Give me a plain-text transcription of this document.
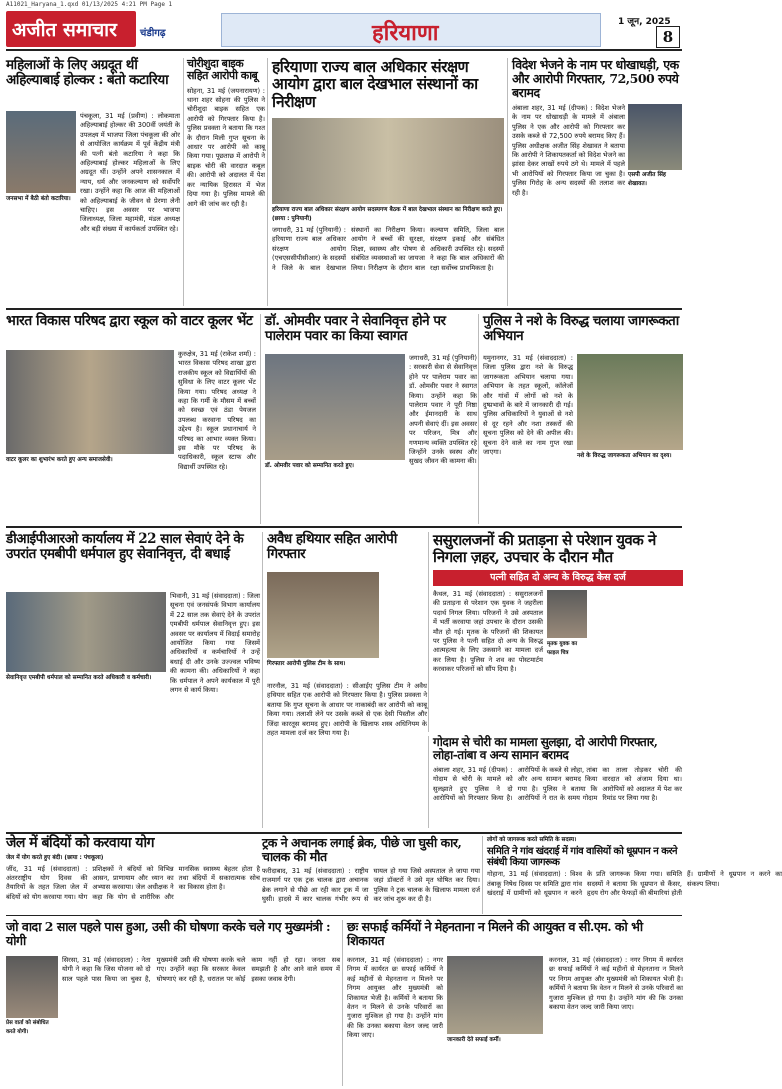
A11021_Haryana_1.qxd 01/13/2025 4:21 PM Page 1
अजीत समाचार चंडीगढ़	हरियाणा	1 जून, 2025
8
महिलाओं के लिए अग्रदूत थीं अहिल्याबाई होल्कर : बंतो कटारिया
जनसभा में बैठी बंतो कटारिया।
पंचकूला, 31 मई (प्रवीण) : लोकमाता अहिल्याबाई होल्कर की 300वीं जयंती के उपलक्ष्य में भाजपा जिला पंचकूला की ओर से आयोजित कार्यक्रम में पूर्व केंद्रीय मंत्री की पत्नी बंतो कटारिया ने कहा कि अहिल्याबाई होल्कर महिलाओं के लिए अग्रदूत थीं। उन्होंने अपने शासनकाल में न्याय, धर्म और जनकल्याण को सर्वोपरि रखा। उन्होंने कहा कि आज की महिलाओं को अहिल्याबाई के जीवन से प्रेरणा लेनी चाहिए। इस अवसर पर भाजपा जिलाध्यक्ष, जिला महामंत्री, मंडल अध्यक्ष और बड़ी संख्या में कार्यकर्ता उपस्थित रहे।
चोरीशुदा बाइक सहित आरोपी काबू
सोहना, 31 मई (जयनारायण) : थाना शहर सोहना की पुलिस ने चोरीशुदा बाइक सहित एक आरोपी को गिरफ्तार किया है। पुलिस प्रवक्ता ने बताया कि गश्त के दौरान मिली गुप्त सूचना के आधार पर आरोपी को काबू किया गया। पूछताछ में आरोपी ने बाइक चोरी की वारदात कबूल की। आरोपी को अदालत में पेश कर न्यायिक हिरासत में भेज दिया गया है। पुलिस मामले की आगे की जांच कर रही है।
हरियाणा राज्य बाल अधिकार संरक्षण आयोग द्वारा बाल देखभाल संस्थानों का निरीक्षण
हरियाणा राज्य बाल अधिकार संरक्षण आयोग सदस्यगण बैठक में बाल देखभाल संस्थान का निरीक्षण करते हुए। (छाया : पुनियानी)
जगाधरी, 31 मई (पुनियानी) : हरियाणा राज्य बाल अधिकार संरक्षण आयोग (एचएससीपीसीआर) के सदस्यों ने जिले के बाल देखभाल संस्थानों का निरीक्षण किया। आयोग ने बच्चों की सुरक्षा, शिक्षा, स्वास्थ्य और पोषण से संबंधित व्यवस्थाओं का जायजा लिया। निरीक्षण के दौरान बाल कल्याण समिति, जिला बाल संरक्षण इकाई और संबंधित अधिकारी उपस्थित रहे। सदस्यों ने कहा कि बाल अधिकारों की रक्षा सर्वोच्च प्राथमिकता है।
विदेश भेजने के नाम पर धोखाधड़ी, एक और आरोपी गिरफ्तार, 72,500 रुपये बरामद
एसपी अजीत सिंह शेखावत।
अंबाला शहर, 31 मई (दीपक) : विदेश भेजने के नाम पर धोखाधड़ी के मामले में अंबाला पुलिस ने एक और आरोपी को गिरफ्तार कर उसके कब्जे से 72,500 रुपये बरामद किए हैं। पुलिस अधीक्षक अजीत सिंह शेखावत ने बताया कि आरोपी ने शिकायतकर्ता को विदेश भेजने का झांसा देकर लाखों रुपये ठगे थे। मामले में पहले भी आरोपियों को गिरफ्तार किया जा चुका है। पुलिस गिरोह के अन्य सदस्यों की तलाश कर रही है।
भारत विकास परिषद द्वारा स्कूल को वाटर कूलर भेंट
वाटर कूलर का शुभारंभ करते हुए अन्य समाजसेवी।
कुरुक्षेत्र, 31 मई (राकेश शर्मा) : भारत विकास परिषद शाखा द्वारा राजकीय स्कूल को विद्यार्थियों की सुविधा के लिए वाटर कूलर भेंट किया गया। परिषद अध्यक्ष ने कहा कि गर्मी के मौसम में बच्चों को स्वच्छ एवं ठंडा पेयजल उपलब्ध करवाना परिषद का उद्देश्य है। स्कूल प्रधानाचार्य ने परिषद का आभार व्यक्त किया। इस मौके पर परिषद के पदाधिकारी, स्कूल स्टाफ और विद्यार्थी उपस्थित रहे।
डॉ. ओमवीर पवार ने सेवानिवृत्त होने पर पालेराम पवार का किया स्वागत
डॉ. ओमवीर पवार को सम्मानित करते हुए।
जगाधरी, 31 मई (पुनियानी) : सरकारी सेवा से सेवानिवृत्त होने पर पालेराम पवार का डॉ. ओमवीर पवार ने स्वागत किया। उन्होंने कहा कि पालेराम पवार ने पूरी निष्ठा और ईमानदारी के साथ अपनी सेवाएं दीं। इस अवसर पर परिजन, मित्र और गणमान्य व्यक्ति उपस्थित रहे जिन्होंने उनके स्वस्थ और सुखद जीवन की कामना की।
पुलिस ने नशे के विरुद्ध चलाया जागरूकता अभियान
यमुनानगर, 31 मई (संवाददाता) : जिला पुलिस द्वारा नशे के विरुद्ध जागरूकता अभियान चलाया गया। अभियान के तहत स्कूलों, कॉलेजों और गांवों में लोगों को नशे के दुष्प्रभावों के बारे में जानकारी दी गई। पुलिस अधिकारियों ने युवाओं से नशे से दूर रहने और नशा तस्करों की सूचना पुलिस को देने की अपील की। सूचना देने वाले का नाम गुप्त रखा जाएगा।	नशे के विरुद्ध जागरूकता अभियान का दृश्य।
डीआईपीआरओ कार्यालय में 22 साल सेवाएं देने के उपरांत एमबीपी धर्मपाल हुए सेवानिवृत्त, दी बधाई
सेवानिवृत्त एमबीपी धर्मपाल को सम्मानित करते अधिकारी व कर्मचारी।
भिवानी, 31 मई (संवाददाता) : जिला सूचना एवं जनसंपर्क विभाग कार्यालय में 22 साल तक सेवाएं देने के उपरांत एमबीपी धर्मपाल सेवानिवृत्त हुए। इस अवसर पर कार्यालय में विदाई समारोह आयोजित किया गया जिसमें अधिकारियों व कर्मचारियों ने उन्हें बधाई दी और उनके उज्ज्वल भविष्य की कामना की। अधिकारियों ने कहा कि धर्मपाल ने अपने कार्यकाल में पूरी लगन से कार्य किया।
अवैध हथियार सहित आरोपी गिरफ्तार
गिरफ्तार आरोपी पुलिस टीम के साथ।
नारनौल, 31 मई (संवाददाता) : सीआईए पुलिस टीम ने अवैध हथियार सहित एक आरोपी को गिरफ्तार किया है। पुलिस प्रवक्ता ने बताया कि गुप्त सूचना के आधार पर नाकाबंदी कर आरोपी को काबू किया गया। तलाशी लेने पर उसके कब्जे से एक देसी पिस्तौल और जिंदा कारतूस बरामद हुए। आरोपी के खिलाफ शस्त्र अधिनियम के तहत मामला दर्ज कर लिया गया है।
ससुरालजनों की प्रताड़ना से परेशान युवक ने निगला ज़हर, उपचार के दौरान मौत
पत्नी सहित दो अन्य के विरुद्ध केस दर्ज
कैथल, 31 मई (संवाददाता) : ससुरालजनों की प्रताड़ना से परेशान एक युवक ने जहरीला पदार्थ निगल लिया। परिजनों ने उसे अस्पताल में भर्ती करवाया जहां उपचार के दौरान उसकी मौत हो गई। मृतक के परिजनों की शिकायत पर पुलिस ने पत्नी सहित दो अन्य के विरुद्ध आत्महत्या के लिए उकसाने का मामला दर्ज कर लिया है। पुलिस ने शव का पोस्टमार्टम करवाकर परिजनों को सौंप दिया है।
मृतक युवक का फाइल चित्र
गोदाम से चोरी का मामला सुलझा, दो आरोपी गिरफ्तार, लोहा-तांबा व अन्य सामान बरामद
अंबाला शहर, 31 मई (दीपक) : गोदाम से चोरी के मामले को सुलझाते हुए पुलिस ने दो आरोपियों को गिरफ्तार किया है। आरोपियों के कब्जे से लोहा, तांबा और अन्य सामान बरामद किया गया है। पुलिस ने बताया कि आरोपियों ने रात के समय गोदाम का ताला तोड़कर चोरी की वारदात को अंजाम दिया था। आरोपियों को अदालत में पेश कर रिमांड पर लिया गया है।
ट्रक ने अचानक लगाई ब्रेक, पीछे जा घुसी कार, चालक की मौत
फरीदाबाद, 31 मई (संवाददाता) : राष्ट्रीय राजमार्ग पर एक ट्रक चालक द्वारा अचानक ब्रेक लगाने से पीछे आ रही कार ट्रक में जा घुसी। हादसे में कार चालक गंभीर रूप से घायल हो गया जिसे अस्पताल ले जाया गया जहां डॉक्टरों ने उसे मृत घोषित कर दिया। पुलिस ने ट्रक चालक के खिलाफ मामला दर्ज कर जांच शुरू कर दी है।
जेल में बंदियों को करवाया योग
जेल में योग करते हुए बंदी। (छाया : पंचकूला)
जींद, 31 मई (संवाददाता) : अंतरराष्ट्रीय योग दिवस की तैयारियों के तहत जिला जेल में बंदियों को योग करवाया गया। योग प्रशिक्षकों ने बंदियों को विभिन्न आसन, प्राणायाम और ध्यान का अभ्यास करवाया। जेल अधीक्षक ने कहा कि योग से शारीरिक और मानसिक स्वास्थ्य बेहतर होता है तथा बंदियों में सकारात्मक सोच का विकास होता है।
लोगों को जागरूक करते समिति के सदस्य।
समिति ने गांव खंदराई में गांव वासियों को धूम्रपान न करने संबंधी किया जागरूक
गोहाना, 31 मई (संवाददाता) : विश्व तंबाकू निषेध दिवस पर समिति द्वारा गांव खंदराई में ग्रामीणों को धूम्रपान न करने के प्रति जागरूक किया गया। समिति सदस्यों ने बताया कि धूम्रपान से कैंसर, हृदय रोग और फेफड़ों की बीमारियां होती हैं। ग्रामीणों ने धूम्रपान न करने का संकल्प लिया।
जो वादा 2 साल पहले पास हुआ, उसी की घोषणा करके चले गए मुख्यमंत्री : योगी
प्रेस वार्ता को संबोधित करते योगी।
सिरसा, 31 मई (संवाददाता) : नेता योगी ने कहा कि जिस योजना को दो साल पहले पास किया जा चुका है, मुख्यमंत्री उसी की घोषणा करके चले गए। उन्होंने कहा कि सरकार केवल घोषणाएं कर रही है, धरातल पर कोई काम नहीं हो रहा। जनता सब समझती है और आने वाले समय में इसका जवाब देगी।
छः सफाई कर्मियों ने मेहनताना न मिलने की आयुक्त व सी.एम. को भी शिकायत
जानकारी देते सफाई कर्मी।
करनाल, 31 मई (संवाददाता) : नगर निगम में कार्यरत छः सफाई कर्मियों ने कई महीनों से मेहनताना न मिलने पर निगम आयुक्त और मुख्यमंत्री को शिकायत भेजी है। कर्मियों ने बताया कि वेतन न मिलने से उनके परिवारों का गुजारा मुश्किल हो गया है। उन्होंने मांग की कि उनका बकाया वेतन जल्द जारी किया जाए।
करनाल, 31 मई (संवाददाता) : नगर निगम में कार्यरत छः सफाई कर्मियों ने कई महीनों से मेहनताना न मिलने पर निगम आयुक्त और मुख्यमंत्री को शिकायत भेजी है। कर्मियों ने बताया कि वेतन न मिलने से उनके परिवारों का गुजारा मुश्किल हो गया है। उन्होंने मांग की कि उनका बकाया वेतन जल्द जारी किया जाए।
